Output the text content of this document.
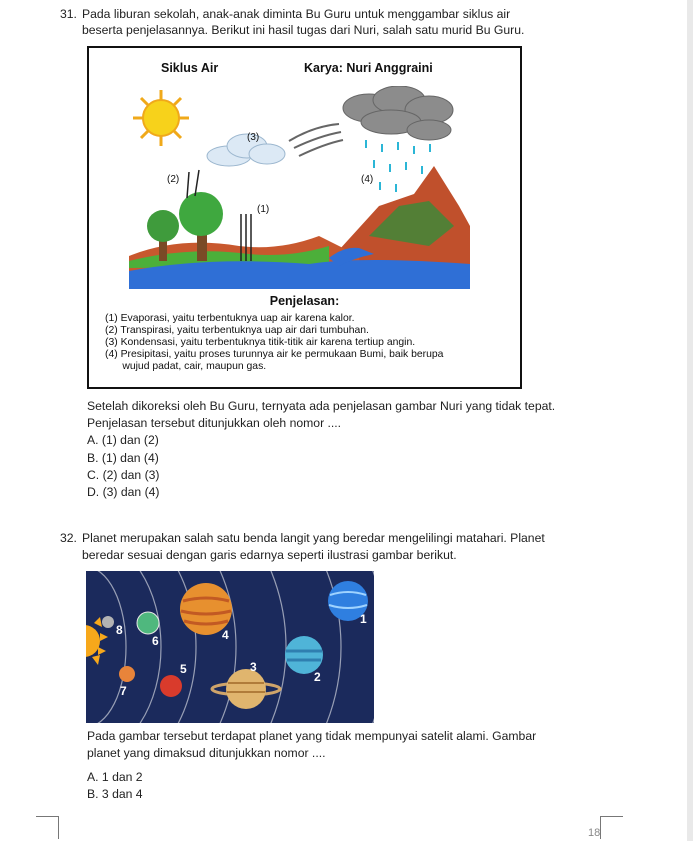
31. Pada liburan sekolah, anak-anak diminta Bu Guru untuk menggambar siklus air
beserta penjelasannya. Berikut ini hasil tugas dari Nuri, salah satu murid Bu Guru.
Siklus Air	Karya: Nuri Anggraini
(1)
(2)
(3)
(4)
Penjelasan:
(1) Evaporasi, yaitu terbentuknya uap air karena kalor.
(2) Transpirasi, yaitu terbentuknya uap air dari tumbuhan.
(3) Kondensasi, yaitu terbentuknya titik-titik air karena tertiup angin.
(4) Presipitasi, yaitu proses turunnya air ke permukaan Bumi, baik berupa
wujud padat, cair, maupun gas.
Setelah dikoreksi oleh Bu Guru, ternyata ada penjelasan gambar Nuri yang tidak tepat.
Penjelasan tersebut ditunjukkan oleh nomor ....
A. (1) dan (2)
B. (1) dan (4)
C. (2) dan (3)
D. (3) dan (4)
32. Planet merupakan salah satu benda langit yang beredar mengelilingi matahari. Planet
beredar sesuai dengan garis edarnya seperti ilustrasi gambar berikut.
8
6
7
5
4
3
2
1
Pada gambar tersebut terdapat planet yang tidak mempunyai satelit alami. Gambar
planet yang dimaksud ditunjukkan nomor ....
A. 1 dan 2
B. 3 dan 4
18
